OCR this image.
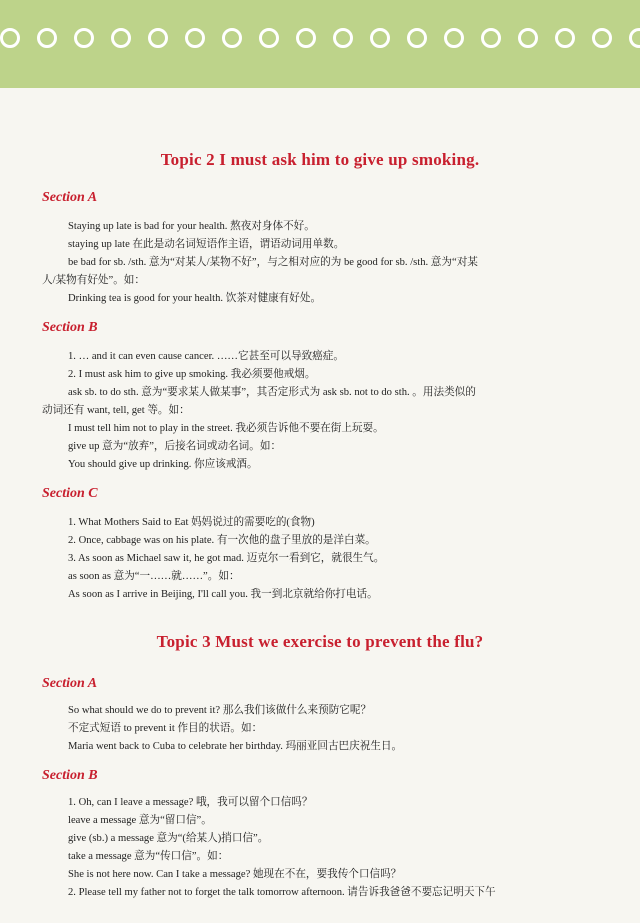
Topic 2 I must ask him to give up smoking.
Section A
Staying up late is bad for your health. 熬夜对身体不好。
staying up late 在此是动名词短语作主语，谓语动词用单数。
be bad for sb. /sth. 意为“对某人/某物不好”，与之相对应的为 be good for sb. /sth. 意为“对某
人/某物有好处”。如：
Drinking tea is good for your health. 饮茶对健康有好处。
Section B
1. … and it can even cause cancer. ……它甚至可以导致癌症。
2. I must ask him to give up smoking. 我必须要他戒烟。
ask sb. to do sth. 意为“要求某人做某事”，其否定形式为 ask sb. not to do sth. 。用法类似的
动词还有 want, tell, get 等。如：
I must tell him not to play in the street. 我必须告诉他不要在街上玩耍。
give up 意为“放弃”，后接名词或动名词。如：
You should give up drinking. 你应该戒酒。
Section C
1. What Mothers Said to Eat 妈妈说过的需要吃的(食物)
2. Once, cabbage was on his plate. 有一次他的盘子里放的是洋白菜。
3. As soon as Michael saw it, he got mad. 迈克尔一看到它，就很生气。
as soon as 意为“一……就……”。如：
As soon as I arrive in Beijing, I'll call you. 我一到北京就给你打电话。
Topic 3 Must we exercise to prevent the flu?
Section A
So what should we do to prevent it? 那么我们该做什么来预防它呢？
不定式短语 to prevent it 作目的状语。如：
Maria went back to Cuba to celebrate her birthday. 玛丽亚回古巴庆祝生日。
Section B
1. Oh, can I leave a message? 哦，我可以留个口信吗？
leave a message 意为“留口信”。
give (sb.) a message 意为“(给某人)捎口信”。
take a message 意为“传口信”。如：
She is not here now. Can I take a message? 她现在不在，要我传个口信吗？
2. Please tell my father not to forget the talk tomorrow afternoon. 请告诉我爸爸不要忘记明天下午
